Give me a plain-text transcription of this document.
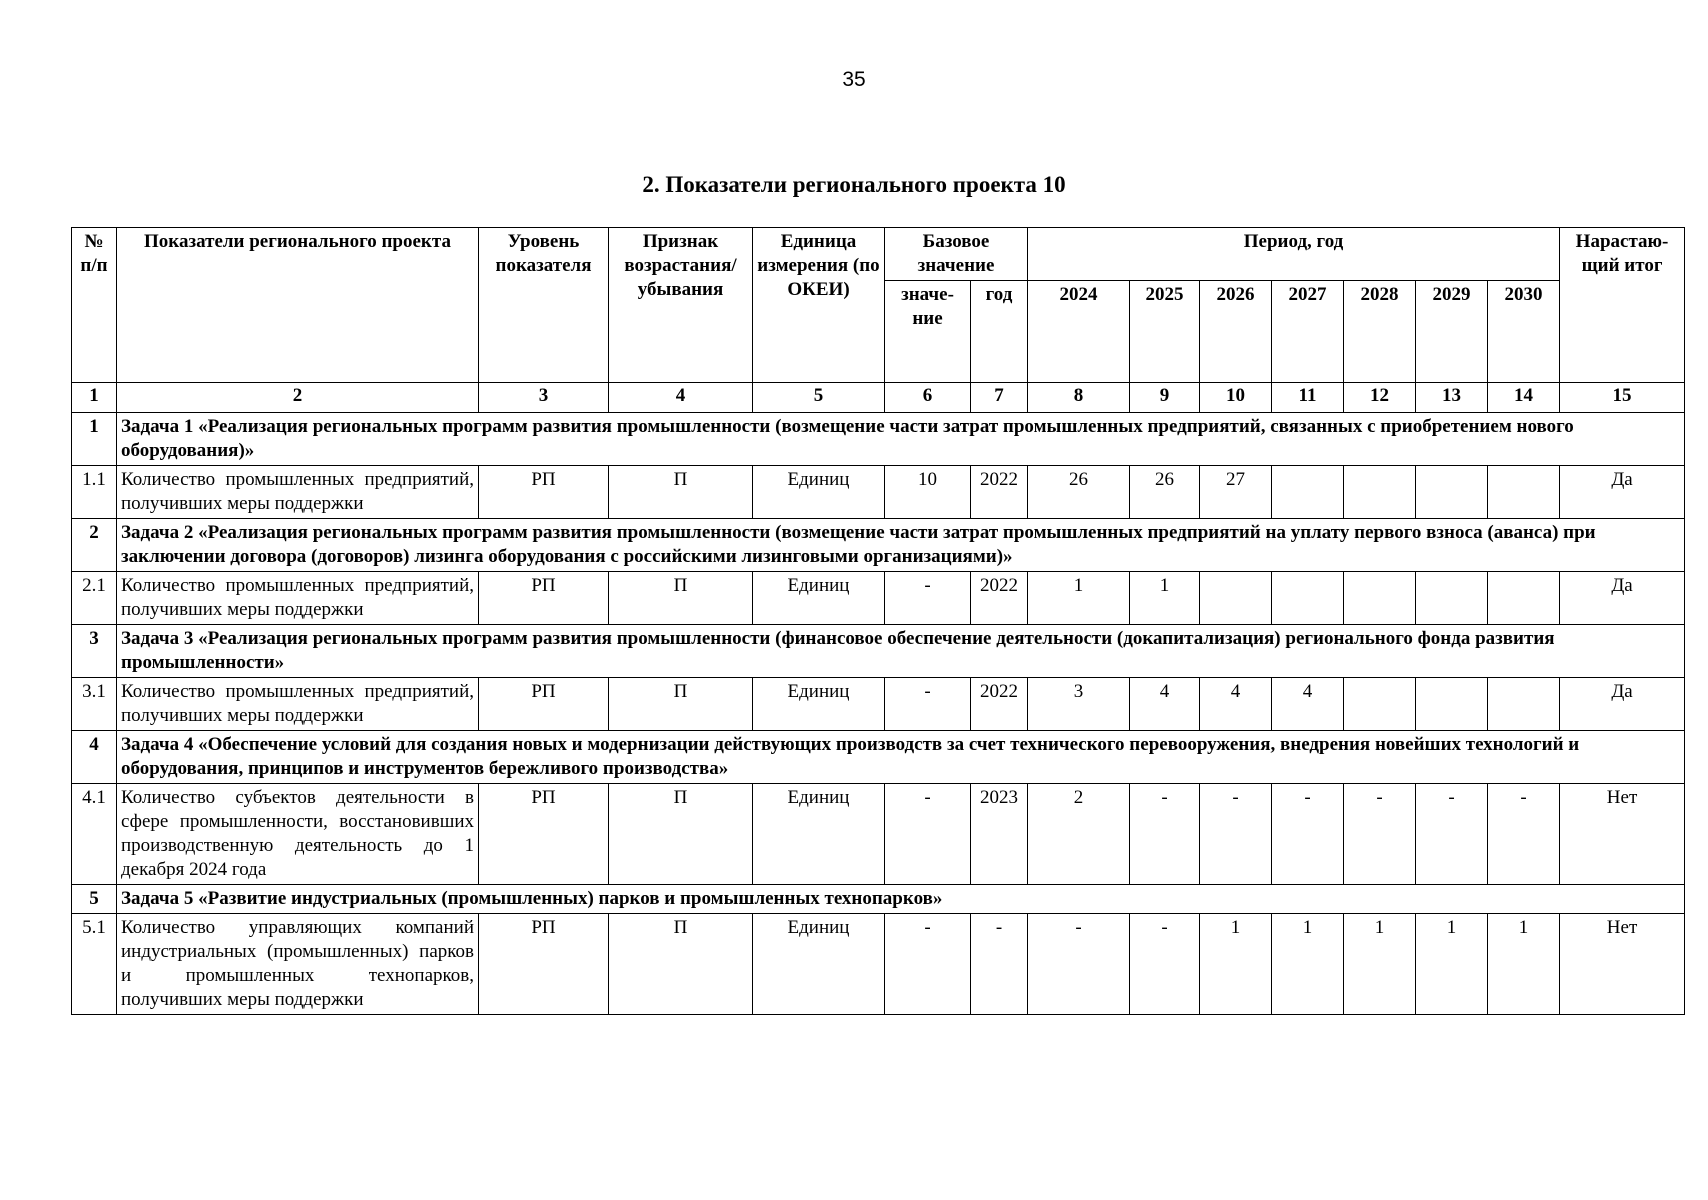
35
2. Показатели регионального проекта 10
№ п/п	Показатели регионального проекта	Уровень показателя	Признак возрастания/ убывания	Единица измерения (по ОКЕИ)	Базовое значение		Период, год							Нарастаю-щий итог
					значе-ние	год	2024	2025	2026	2027	2028	2029	2030	
1	2	3	4	5	6	7	8	9	10	11	12	13	14	15
1	Задача 1 «Реализация региональных программ развития промышленности (возмещение части затрат промышленных предприятий, связанных с приобретением нового оборудования)»													
1.1	Количество промышленных предприятий, получивших меры поддержки	РП	П	Единиц	10	2022	26	26	27					Да
2	Задача 2 «Реализация региональных программ развития промышленности (возмещение части затрат промышленных предприятий на уплату первого взноса (аванса) при заключении договора (договоров) лизинга оборудования с российскими лизинговыми организациями)»													
2.1	Количество промышленных предприятий, получивших меры поддержки	РП	П	Единиц	-	2022	1	1						Да
3	Задача 3 «Реализация региональных программ развития промышленности (финансовое обеспечение деятельности (докапитализация) регионального фонда развития промышленности»													
3.1	Количество промышленных предприятий, получивших меры поддержки	РП	П	Единиц	-	2022	3	4	4	4				Да
4	Задача 4 «Обеспечение условий для создания новых и модернизации действующих производств за счет технического перевооружения, внедрения новейших технологий и оборудования, принципов и инструментов бережливого производства»													
4.1	Количество субъектов деятельности в сфере промышленности, восстановивших производственную деятельность до 1 декабря 2024 года	РП	П	Единиц	-	2023	2	-	-	-	-	-	-	Нет
5	Задача 5 «Развитие индустриальных (промышленных) парков и промышленных технопарков»													
5.1	Количество управляющих компаний индустриальных (промышленных) парков и промышленных технопарков, получивших меры поддержки	РП	П	Единиц	-	-	-	-	1	1	1	1	1	Нет
